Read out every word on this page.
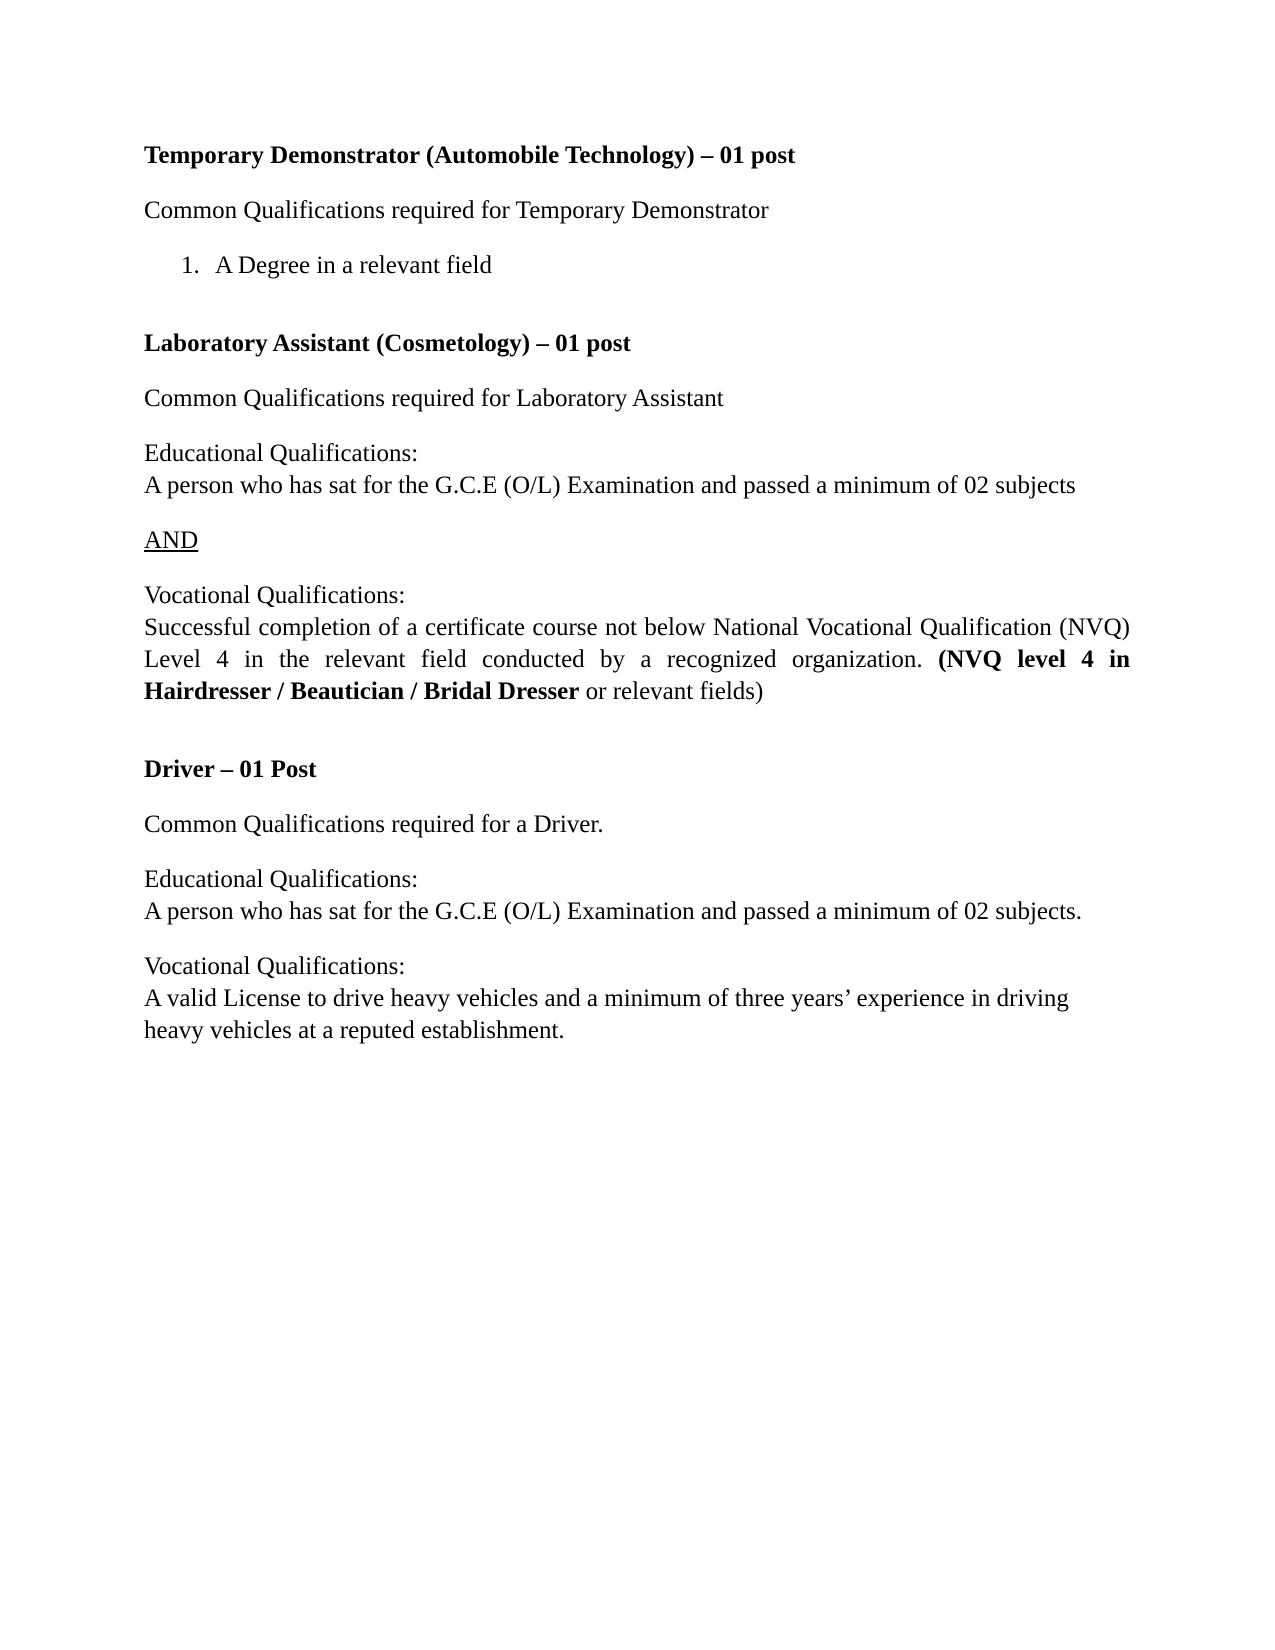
Temporary Demonstrator (Automobile Technology) – 01 post

Common Qualifications required for Temporary Demonstrator

1. A Degree in a relevant field
Laboratory Assistant (Cosmetology) – 01 post

Common Qualifications required for Laboratory Assistant

Educational Qualifications:
A person who has sat for the G.C.E (O/L) Examination and passed a minimum of 02 subjects
AND
Vocational Qualifications:
Successful completion of a certificate course not below National Vocational Qualification (NVQ) Level 4 in the relevant field conducted by a recognized organization. (NVQ level 4 in Hairdresser / Beautician / Bridal Dresser or relevant fields)
Driver – 01 Post

Common Qualifications required for a Driver.

Educational Qualifications:
A person who has sat for the G.C.E (O/L) Examination and passed a minimum of 02 subjects.
Vocational Qualifications:
A valid License to drive heavy vehicles and a minimum of three years’ experience in driving heavy vehicles at a reputed establishment.
